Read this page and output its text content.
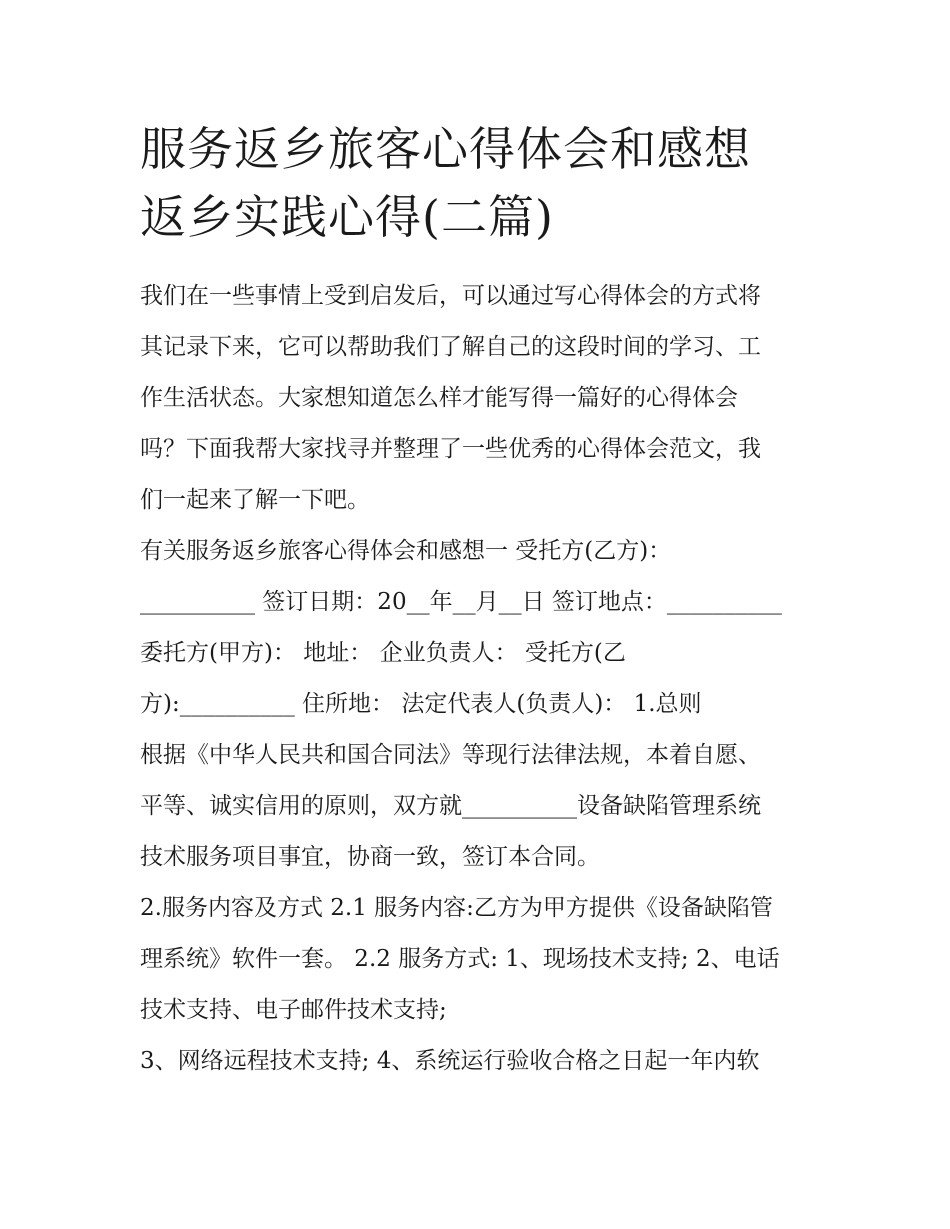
服务返乡旅客心得体会和感想
返乡实践心得(二篇)

我们在一些事情上受到启发后，可以通过写心得体会的方式将
其记录下来，它可以帮助我们了解自己的这段时间的学习、工
作生活状态。大家想知道怎么样才能写得一篇好的心得体会
吗？下面我帮大家找寻并整理了一些优秀的心得体会范文，我
们一起来了解一下吧。

有关服务返乡旅客心得体会和感想一 受托方(乙方)：
__________ 签订日期：20__年__月__日 签订地点：__________
委托方(甲方)： 地址： 企业负责人： 受托方(乙
方):__________ 住所地： 法定代表人(负责人)： 1.总则
根据《中华人民共和国合同法》等现行法律法规，本着自愿、
平等、诚实信用的原则，双方就__________设备缺陷管理系统
技术服务项目事宜，协商一致，签订本合同。

2.服务内容及方式 2.1 服务内容:乙方为甲方提供《设备缺陷管
理系统》软件一套。 2.2 服务方式: 1、现场技术支持; 2、电话
技术支持、电子邮件技术支持;

3、网络远程技术支持; 4、系统运行验收合格之日起一年内软
